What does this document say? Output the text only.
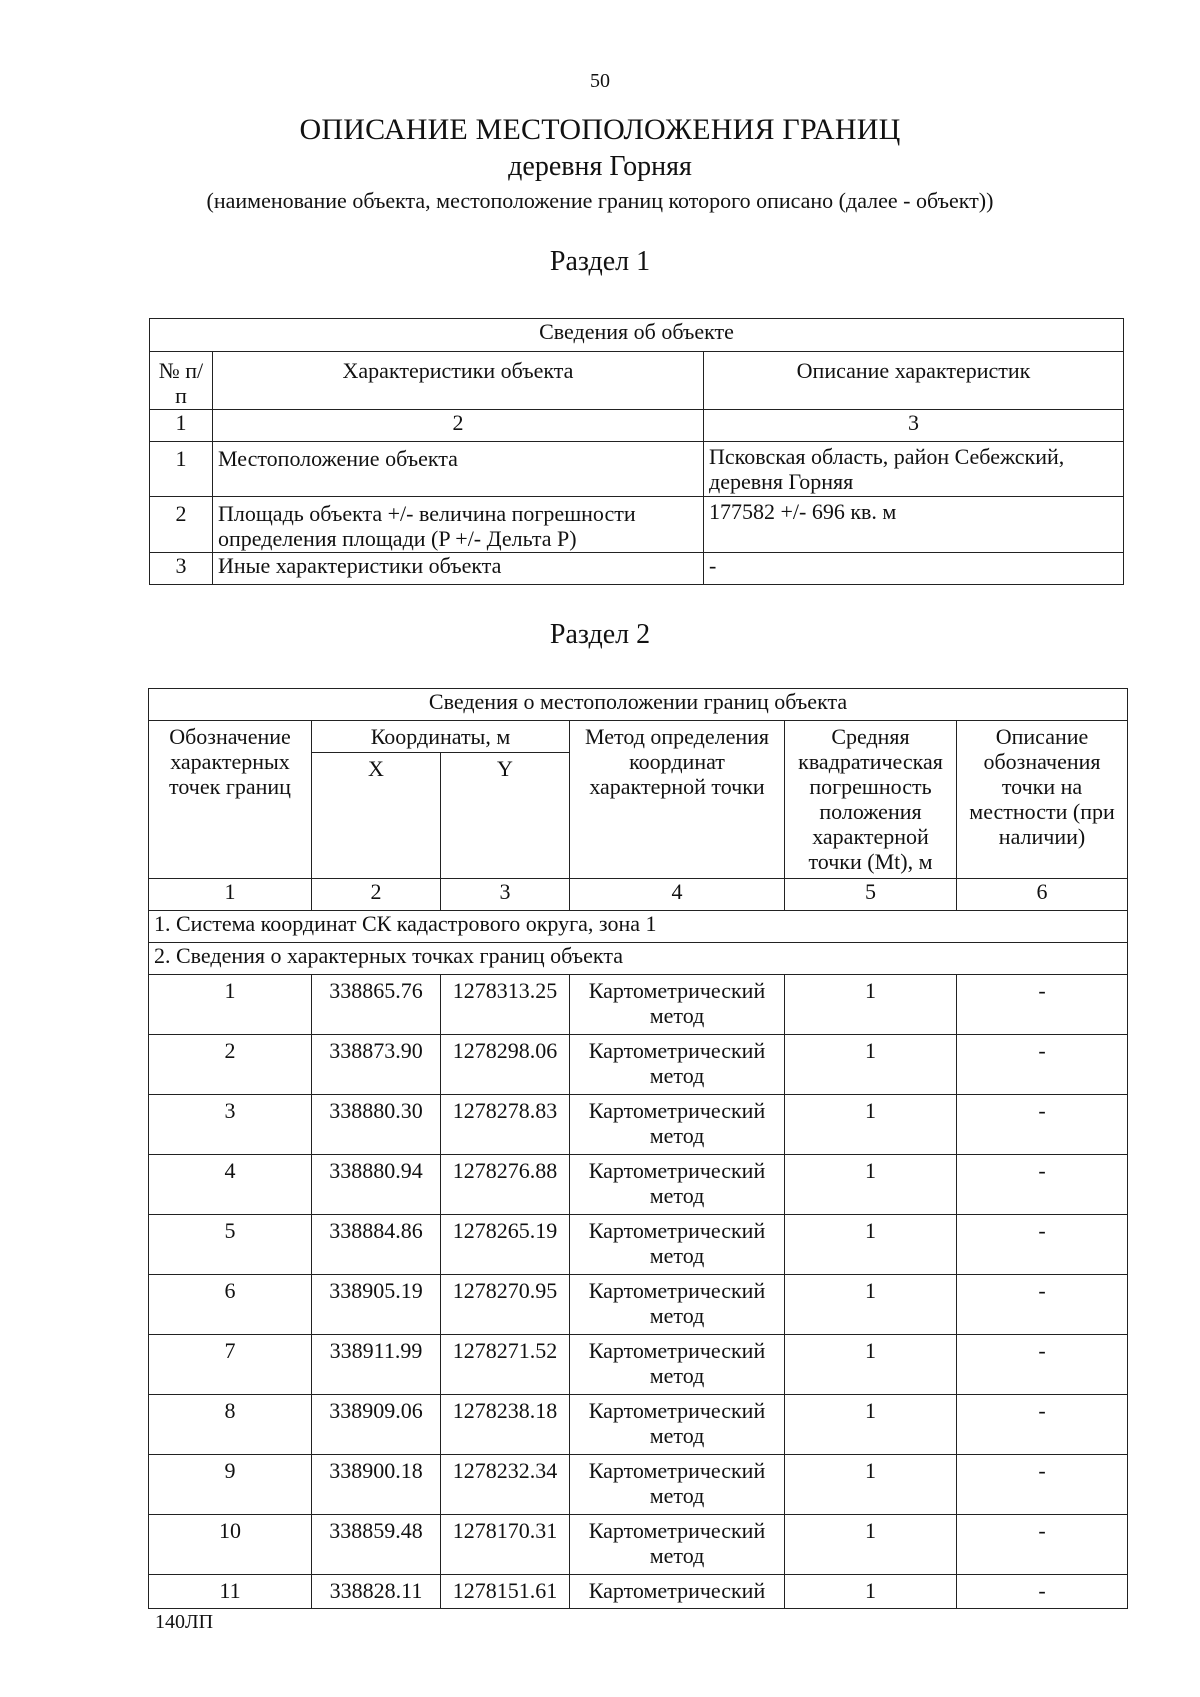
50
ОПИСАНИЕ МЕСТОПОЛОЖЕНИЯ ГРАНИЦ
деревня Горняя
(наименование объекта, местоположение границ которого описано (далее - объект))
Раздел 1
Сведения об объекте		
№ п/п	Характеристики объекта	Описание характеристик
1	2	3
1	Местоположение объекта	Псковская область, район Себежский, деревня Горняя
2	Площадь объекта +/- величина погрешности определения площади (P +/- Дельта P)	177582 +/- 696 кв. м
3	Иные характеристики объекта	-
Раздел 2
Сведения о местоположении границ объекта					
Обозначение характерных точек границ	Координаты, м		Метод определения координат характерной точки	Средняя квадратическая погрешность положения характерной точки (Mt), м	Описание обозначения точки на местности (при наличии)
	X	Y			
1	2	3	4	5	6
1. Система координат СК кадастрового округа, зона 1					
2. Сведения о характерных точках границ объекта					
1	338865.76	1278313.25	Картометрический метод	1	-
2	338873.90	1278298.06	Картометрический метод	1	-
3	338880.30	1278278.83	Картометрический метод	1	-
4	338880.94	1278276.88	Картометрический метод	1	-
5	338884.86	1278265.19	Картометрический метод	1	-
6	338905.19	1278270.95	Картометрический метод	1	-
7	338911.99	1278271.52	Картометрический метод	1	-
8	338909.06	1278238.18	Картометрический метод	1	-
9	338900.18	1278232.34	Картометрический метод	1	-
10	338859.48	1278170.31	Картометрический метод	1	-
11	338828.11	1278151.61	Картометрический	1	-
140ЛП
